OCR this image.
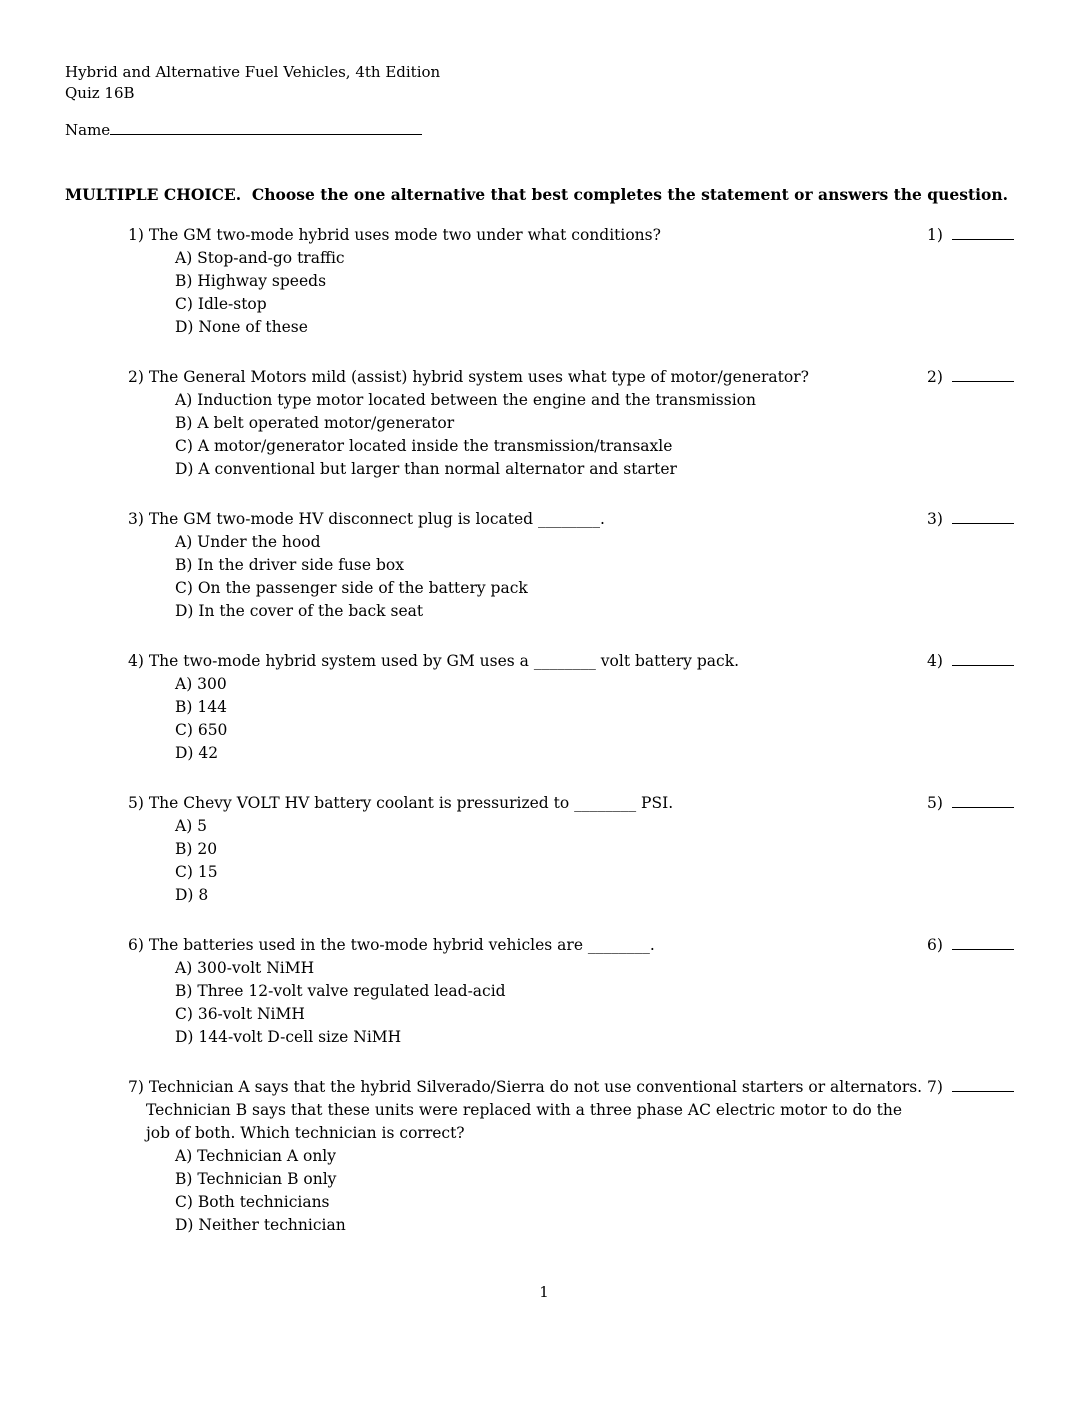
Hybrid and Alternative Fuel Vehicles, 4th Edition
Quiz 16B
Name
MULTIPLE CHOICE.  Choose the one alternative that best completes the statement or answers the question.
1) The GM two-mode hybrid uses mode two under what conditions?
A) Stop-and-go traffic
B) Highway speeds
C) Idle-stop
D) None of these
1)
2) The General Motors mild (assist) hybrid system uses what type of motor/generator?
A) Induction type motor located between the engine and the transmission
B) A belt operated motor/generator
C) A motor/generator located inside the transmission/transaxle
D) A conventional but larger than normal alternator and starter
2)
3) The GM two-mode HV disconnect plug is located ________.
A) Under the hood
B) In the driver side fuse box
C) On the passenger side of the battery pack
D) In the cover of the back seat
3)
4) The two-mode hybrid system used by GM uses a ________ volt battery pack.
A) 300
B) 144
C) 650
D) 42
4)
5) The Chevy VOLT HV battery coolant is pressurized to ________ PSI.
A) 5
B) 20
C) 15
D) 8
5)
6) The batteries used in the two-mode hybrid vehicles are ________.
A) 300-volt NiMH
B) Three 12-volt valve regulated lead-acid
C) 36-volt NiMH
D) 144-volt D-cell size NiMH
6)
7) Technician A says that the hybrid Silverado/Sierra do not use conventional starters or alternators. Technician B says that these units were replaced with a three phase AC electric motor to do the job of both. Which technician is correct?
A) Technician A only
B) Technician B only
C) Both technicians
D) Neither technician
7)
1
